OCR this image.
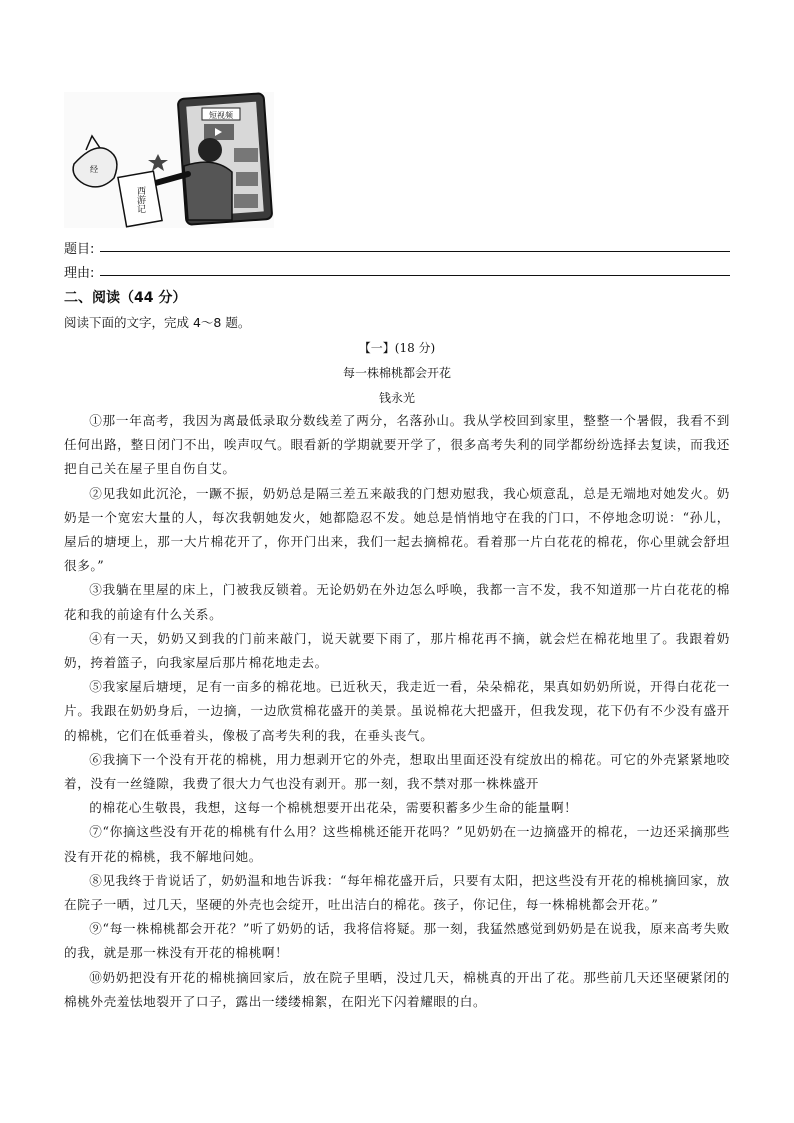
短视频
西游记
经
题目:
理由:
二、阅读（44 分）
阅读下面的文字，完成 4～8 题。
【一】(18 分)
每一株棉桃都会开花
钱永光

①那一年高考，我因为离最低录取分数线差了两分，名落孙山。我从学校回到家里，整整一个暑假，我看不到任何出路，整日闭门不出，唉声叹气。眼看新的学期就要开学了，很多高考失利的同学都纷纷选择去复读，而我还把自己关在屋子里自伤自艾。

②见我如此沉沦，一蹶不振，奶奶总是隔三差五来敲我的门想劝慰我，我心烦意乱，总是无端地对她发火。奶奶是一个宽宏大量的人，每次我朝她发火，她都隐忍不发。她总是悄悄地守在我的门口，不停地念叨说：“孙儿，屋后的塘埂上，那一大片棉花开了，你开门出来，我们一起去摘棉花。看着那一片白花花的棉花，你心里就会舒坦很多。”

③我躺在里屋的床上，门被我反锁着。无论奶奶在外边怎么呼唤，我都一言不发，我不知道那一片白花花的棉花和我的前途有什么关系。

④有一天，奶奶又到我的门前来敲门，说天就要下雨了，那片棉花再不摘，就会烂在棉花地里了。我跟着奶奶，挎着篮子，向我家屋后那片棉花地走去。

⑤我家屋后塘埂，足有一亩多的棉花地。已近秋天，我走近一看，朵朵棉花，果真如奶奶所说，开得白花花一片。我跟在奶奶身后，一边摘，一边欣赏棉花盛开的美景。虽说棉花大把盛开，但我发现，花下仍有不少没有盛开的棉桃，它们在低垂着头，像极了高考失利的我，在垂头丧气。

⑥我摘下一个没有开花的棉桃，用力想剥开它的外壳，想取出里面还没有绽放出的棉花。可它的外壳紧紧地咬着，没有一丝缝隙，我费了很大力气也没有剥开。那一刻，我不禁对那一株株盛开

的棉花心生敬畏，我想，这每一个棉桃想要开出花朵，需要积蓄多少生命的能量啊！

⑦“你摘这些没有开花的棉桃有什么用？这些棉桃还能开花吗？”见奶奶在一边摘盛开的棉花，一边还采摘那些没有开花的棉桃，我不解地问她。

⑧见我终于肯说话了，奶奶温和地告诉我：“每年棉花盛开后，只要有太阳，把这些没有开花的棉桃摘回家，放在院子一晒，过几天，坚硬的外壳也会绽开，吐出洁白的棉花。孩子，你记住，每一株棉桃都会开花。”

⑨“每一株棉桃都会开花？”听了奶奶的话，我将信将疑。那一刻，我猛然感觉到奶奶是在说我，原来高考失败的我，就是那一株没有开花的棉桃啊！

⑩奶奶把没有开花的棉桃摘回家后，放在院子里晒，没过几天，棉桃真的开出了花。那些前几天还坚硬紧闭的棉桃外壳羞怯地裂开了口子，露出一缕缕棉絮，在阳光下闪着耀眼的白。
